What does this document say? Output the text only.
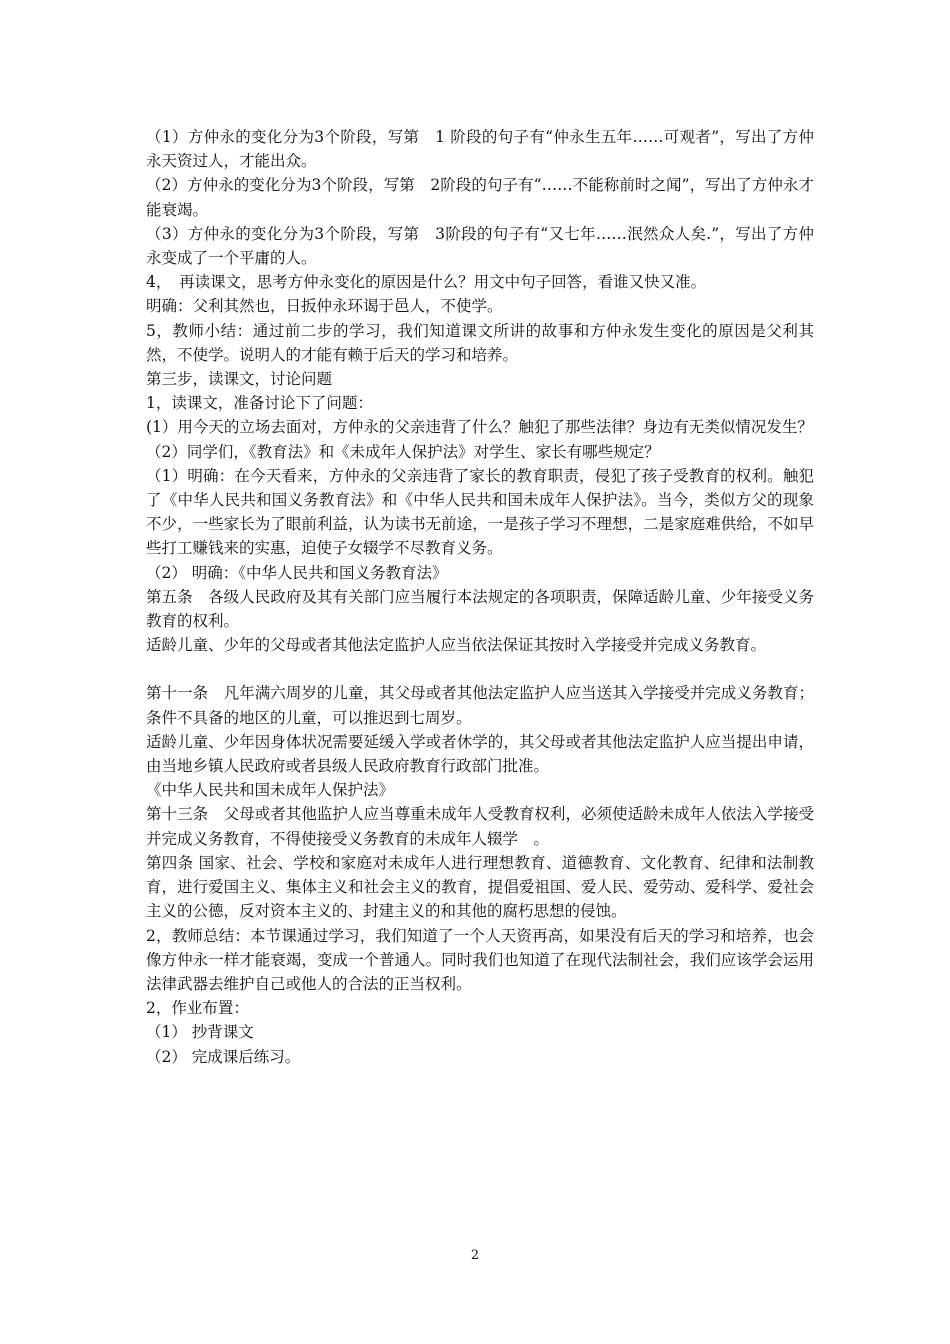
（1）方仲永的变化分为3个阶段，写第　1 阶段的句子有“仲永生五年……可观者”，写出了方仲永天资过人，才能出众。

（2）方仲永的变化分为3个阶段，写第　2阶段的句子有“……不能称前时之闻”，写出了方仲永才能衰竭。

（3）方仲永的变化分为3个阶段，写第　3阶段的句子有“又七年……泯然众人矣.”，写出了方仲永变成了一个平庸的人。

4，　再读课文，思考方仲永变化的原因是什么？用文中句子回答，看谁又快又准。

明确：父利其然也，日扳仲永环谒于邑人，不使学。

5，教师小结：通过前二步的学习，我们知道课文所讲的故事和方仲永发生变化的原因是父利其然，不使学。说明人的才能有赖于后天的学习和培养。

第三步，读课文，讨论问题

1，读课文，准备讨论下了问题：

(1）用今天的立场去面对，方仲永的父亲违背了什么？触犯了那些法律？身边有无类似情况发生？

（2）同学们，《教育法》和《未成年人保护法》对学生、家长有哪些规定？

（1）明确：在今天看来，方仲永的父亲违背了家长的教育职责，侵犯了孩子受教育的权利。触犯了《中华人民共和国义务教育法》和《中华人民共和国未成年人保护法》。当今，类似方父的现象不少，一些家长为了眼前利益，认为读书无前途，一是孩子学习不理想，二是家庭难供给，不如早些打工赚钱来的实惠，迫使子女辍学不尽教育义务。

（2） 明确：《中华人民共和国义务教育法》

第五条　各级人民政府及其有关部门应当履行本法规定的各项职责，保障适龄儿童、少年接受义务教育的权利。

适龄儿童、少年的父母或者其他法定监护人应当依法保证其按时入学接受并完成义务教育。

第十一条　凡年满六周岁的儿童，其父母或者其他法定监护人应当送其入学接受并完成义务教育；条件不具备的地区的儿童，可以推迟到七周岁。

适龄儿童、少年因身体状况需要延缓入学或者休学的，其父母或者其他法定监护人应当提出申请，由当地乡镇人民政府或者县级人民政府教育行政部门批准。

《中华人民共和国未成年人保护法》

第十三条　父母或者其他监护人应当尊重未成年人受教育权利，必须使适龄未成年人依法入学接受并完成义务教育，不得使接受义务教育的未成年人辍学　。

第四条 国家、社会、学校和家庭对未成年人进行理想教育、道德教育、文化教育、纪律和法制教育，进行爱国主义、集体主义和社会主义的教育，提倡爱祖国、爱人民、爱劳动、爱科学、爱社会主义的公德，反对资本主义的、封建主义的和其他的腐朽思想的侵蚀。

2，教师总结：本节课通过学习，我们知道了一个人天资再高，如果没有后天的学习和培养，也会像方仲永一样才能衰竭，变成一个普通人。同时我们也知道了在现代法制社会，我们应该学会运用法律武器去维护自己或他人的合法的正当权利。

2，作业布置：

（1） 抄背课文

（2） 完成课后练习。

2
